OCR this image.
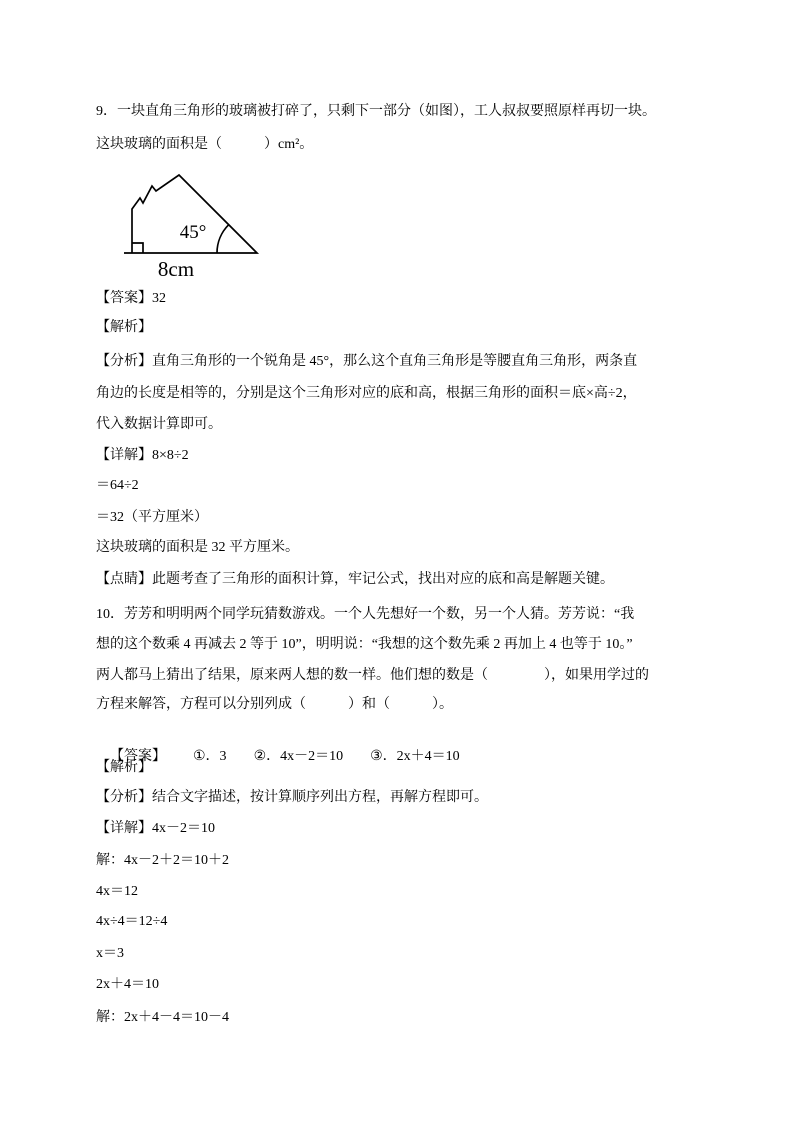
9．一块直角三角形的玻璃被打碎了，只剩下一部分（如图），工人叔叔要照原样再切一块。
这块玻璃的面积是（　　　）cm²。
45°
8cm
【答案】32
【解析】
【分析】直角三角形的一个锐角是 45°，那么这个直角三角形是等腰直角三角形，两条直
角边的长度是相等的，分别是这个三角形对应的底和高，根据三角形的面积＝底×高÷2，
代入数据计算即可。
【详解】8×8÷2
＝64÷2
＝32（平方厘米）
这块玻璃的面积是 32 平方厘米。
【点睛】此题考查了三角形的面积计算，牢记公式，找出对应的底和高是解题关键。
10．芳芳和明明两个同学玩猜数游戏。一个人先想好一个数，另一个人猜。芳芳说：“我
想的这个数乘 4 再减去 2 等于 10”，明明说：“我想的这个数先乘 2 再加上 4 也等于 10。”
两人都马上猜出了结果，原来两人想的数一样。他们想的数是（　　　　），如果用学过的
方程来解答，方程可以分别列成（　　　）和（　　　）。

【答案】 ①．3 ②．4x－2＝10 ③．2x＋4＝10

【解析】
【分析】结合文字描述，按计算顺序列出方程，再解方程即可。
【详解】4x－2＝10
解：4x－2＋2＝10＋2
4x＝12
4x÷4＝12÷4
x＝3
2x＋4＝10
解：2x＋4－4＝10－4
